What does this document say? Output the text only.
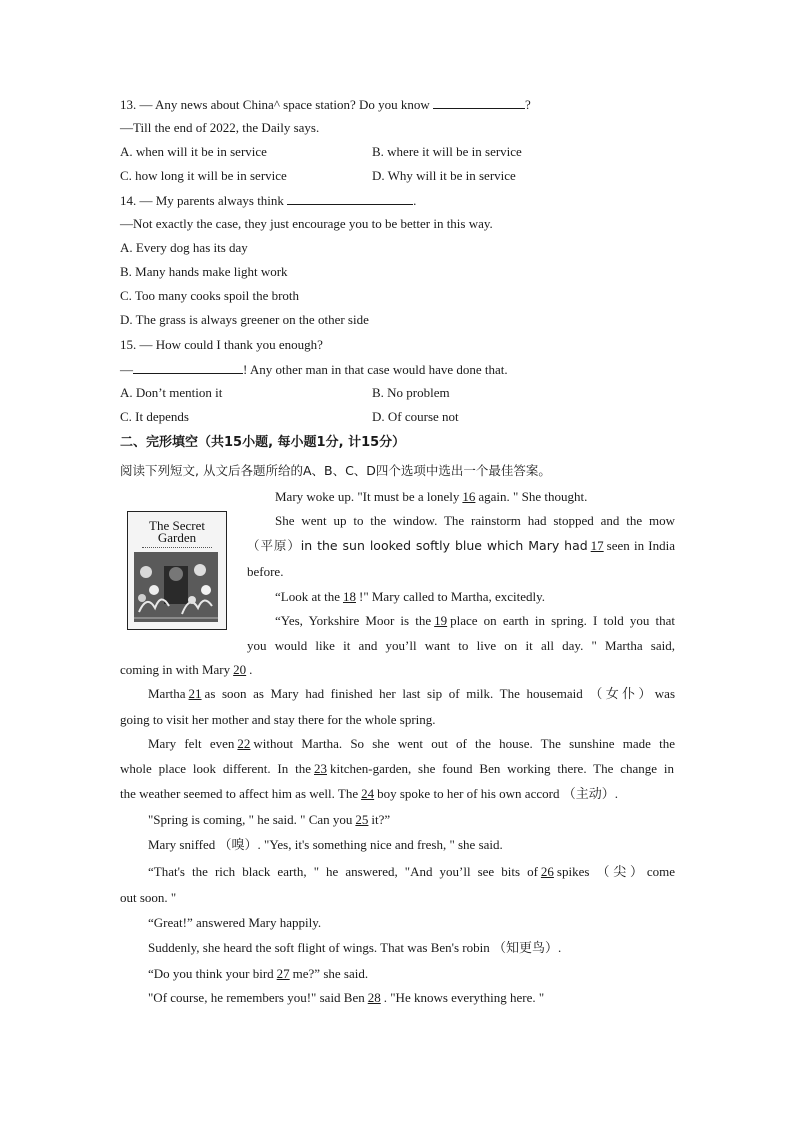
13. — Any news about China^ space station? Do you know	?
—Till the end of 2022, the Daily says.
A. when will it be in service	B. where it will be in service
C. how long it will be in service	D. Why will it be in service
14. — My parents always think	.
—Not exactly the case, they just encourage you to be better in this way.
A. Every dog has its day
B. Many hands make light work
C. Too many cooks spoil the broth
D. The grass is always greener on the other side
15. — How could I thank you enough?
—	! Any other man in that case would have done that.
A. Don’t mention it	B. No problem
C. It depends	D. Of course not
二、完形填空（共15小题, 每小题1分, 计15分）
阅读下列短文, 从文后各题所给的A、B、C、D四个选项中选出一个最佳答案。
The Secret
Garden
Mary woke up. "It must be a lonely 16 again. " She thought.
She went up to the window. The rainstorm had stopped and the mow
（平原）in the sun looked softly blue which Mary had 17 seen in India
before.
“Look at the 18 !" Mary called to Martha, excitedly.
“Yes, Yorkshire Moor is the 19 place on earth in spring. I told you that
you would like it and you’ll want to live on it all day. " Martha said,
coming in with Mary 20 .
Martha 21 as soon as Mary had finished her last sip of milk. The housemaid （女仆）was
going to visit her mother and stay there for the whole spring.
Mary felt even 22 without Martha. So she went out of the house. The sunshine made the
whole place look different. In the 23 kitchen-garden, she found Ben working there. The change in
the weather seemed to affect him as well. The 24 boy spoke to her of his own accord （主动）.
"Spring is coming, " he said. " Can you 25 it?”
Mary sniffed （嗅）. "Yes, it's something nice and fresh, " she said.
“That's the rich black earth, " he answered, "And you’ll see bits of 26 spikes （尖）come
out soon. "
“Great!” answered Mary happily.
Suddenly, she heard the soft flight of wings. That was Ben's robin （知更鸟）.
“Do you think your bird 27 me?” she said.
"Of course, he remembers you!" said Ben 28 . "He knows everything here. "
